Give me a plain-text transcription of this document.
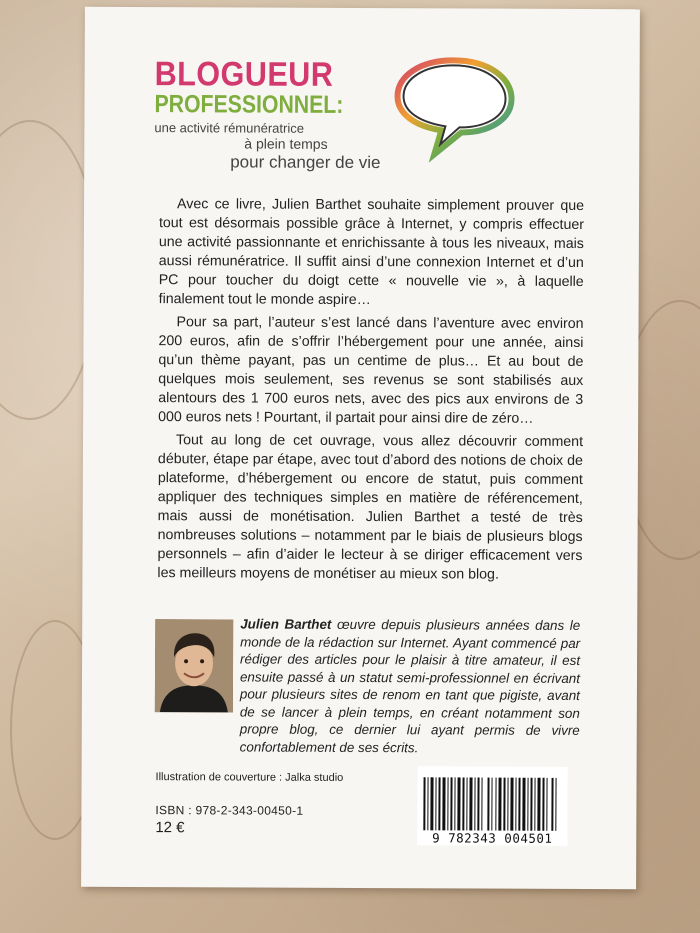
BLOGUEUR
PROFESSIONNEL:
une activité rémunératrice
à plein temps
pour changer de vie

Avec ce livre, Julien Barthet souhaite simplement prouver que tout est désormais possible grâce à Internet, y compris effectuer une activité passionnante et enrichissante à tous les niveaux, mais aussi rémunératrice. Il suffit ainsi d’une connexion Internet et d’un PC pour toucher du doigt cette « nouvelle vie », à laquelle finalement tout le monde aspire…

Pour sa part, l’auteur s’est lancé dans l’aventure avec environ 200 euros, afin de s’offrir l’hébergement pour une année, ainsi qu’un thème payant, pas un centime de plus… Et au bout de quelques mois seulement, ses revenus se sont stabilisés aux alentours des 1 700 euros nets, avec des pics aux environs de 3 000 euros nets ! Pourtant, il partait pour ainsi dire de zéro…

Tout au long de cet ouvrage, vous allez découvrir comment débuter, étape par étape, avec tout d’abord des notions de choix de plateforme, d’hébergement ou encore de statut, puis comment appliquer des techniques simples en matière de référencement, mais aussi de monétisation. Julien Barthet a testé de très nombreuses solutions – notamment par le biais de plusieurs blogs personnels – afin d’aider le lecteur à se diriger efficacement vers les meilleurs moyens de monétiser au mieux son blog.

Julien Barthet œuvre depuis plusieurs années dans le monde de la rédaction sur Internet. Ayant commencé par rédiger des articles pour le plaisir à titre amateur, il est ensuite passé à un statut semi-professionnel en écrivant pour plusieurs sites de renom en tant que pigiste, avant de se lancer à plein temps, en créant notamment son propre blog, ce dernier lui ayant permis de vivre confortablement de ses écrits.
Illustration de couverture : Jalka studio
ISBN : 978-2-343-00450-1
12 €
9 782343 004501
